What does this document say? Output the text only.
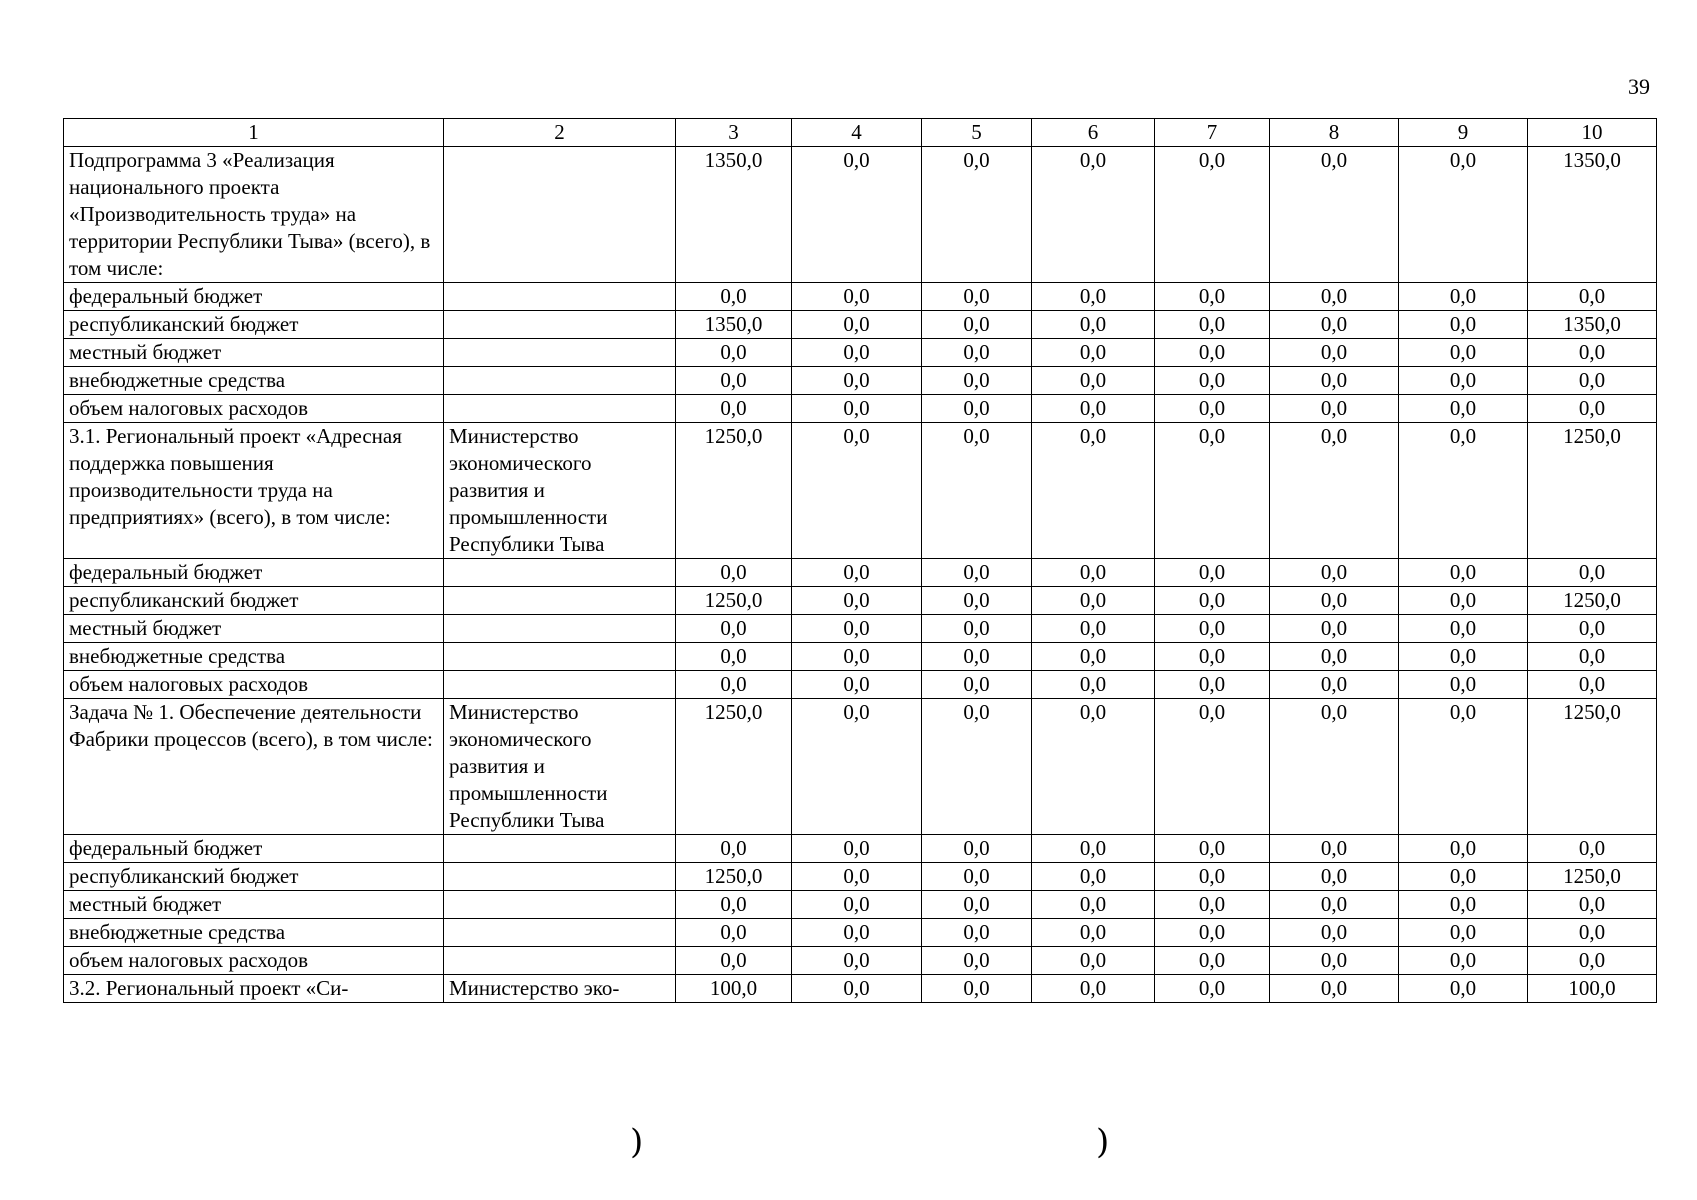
39
1	2	3	4	5	6	7	8	9	10
Подпрограмма 3 «Реализация национального проекта «Производительность труда» на территории Республики Тыва» (всего), в том числе:		1350,0	0,0	0,0	0,0	0,0	0,0	0,0	1350,0
федеральный бюджет		0,0	0,0	0,0	0,0	0,0	0,0	0,0	0,0
республиканский бюджет		1350,0	0,0	0,0	0,0	0,0	0,0	0,0	1350,0
местный бюджет		0,0	0,0	0,0	0,0	0,0	0,0	0,0	0,0
внебюджетные средства		0,0	0,0	0,0	0,0	0,0	0,0	0,0	0,0
объем налоговых расходов		0,0	0,0	0,0	0,0	0,0	0,0	0,0	0,0
3.1. Региональный проект «Адресная поддержка повышения производительности труда на предприятиях» (всего), в том числе:	Министерство экономического развития и промышленности Республики Тыва	1250,0	0,0	0,0	0,0	0,0	0,0	0,0	1250,0
федеральный бюджет		0,0	0,0	0,0	0,0	0,0	0,0	0,0	0,0
республиканский бюджет		1250,0	0,0	0,0	0,0	0,0	0,0	0,0	1250,0
местный бюджет		0,0	0,0	0,0	0,0	0,0	0,0	0,0	0,0
внебюджетные средства		0,0	0,0	0,0	0,0	0,0	0,0	0,0	0,0
объем налоговых расходов		0,0	0,0	0,0	0,0	0,0	0,0	0,0	0,0
Задача № 1. Обеспечение деятельности Фабрики процессов (всего), в том числе:	Министерство экономического развития и промышленности Республики Тыва	1250,0	0,0	0,0	0,0	0,0	0,0	0,0	1250,0
федеральный бюджет		0,0	0,0	0,0	0,0	0,0	0,0	0,0	0,0
республиканский бюджет		1250,0	0,0	0,0	0,0	0,0	0,0	0,0	1250,0
местный бюджет		0,0	0,0	0,0	0,0	0,0	0,0	0,0	0,0
внебюджетные средства		0,0	0,0	0,0	0,0	0,0	0,0	0,0	0,0
объем налоговых расходов		0,0	0,0	0,0	0,0	0,0	0,0	0,0	0,0
3.2. Региональный проект «Си-	Министерство эко-	100,0	0,0	0,0	0,0	0,0	0,0	0,0	100,0
)	)
